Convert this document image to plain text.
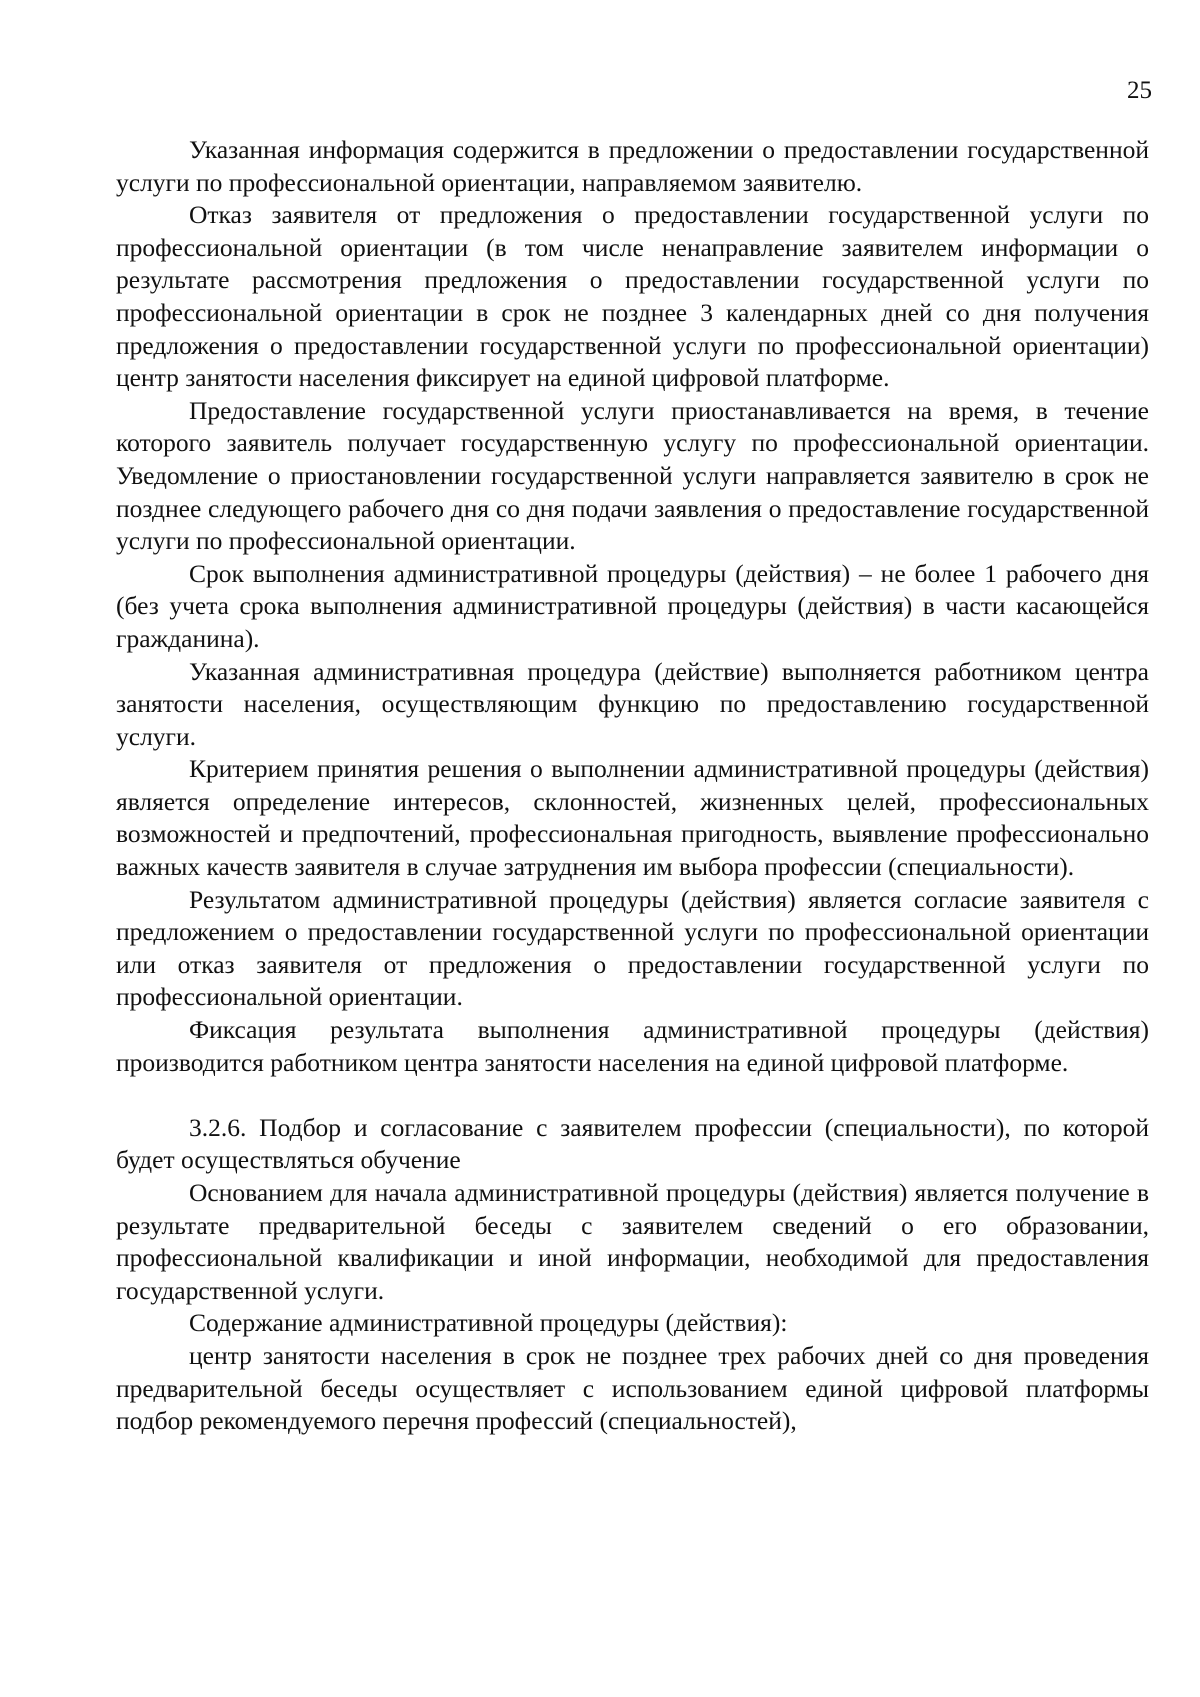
25

Указанная информация содержится в предложении о предоставлении государственной услуги по профессиональной ориентации, направляемом заявителю.

Отказ заявителя от предложения о предоставлении государственной услуги по профессиональной ориентации (в том числе ненаправление заявителем информации о результате рассмотрения предложения о предоставлении государственной услуги по профессиональной ориентации в срок не позднее 3 календарных дней со дня получения предложения о предоставлении государственной услуги по профессиональной ориентации) центр занятости населения фиксирует на единой цифровой платформе.

Предоставление государственной услуги приостанавливается на время, в течение которого заявитель получает государственную услугу по профессиональной ориентации. Уведомление о приостановлении государственной услуги направляется заявителю в срок не позднее следующего рабочего дня со дня подачи заявления о предоставление государственной услуги по профессиональной ориентации.

Срок выполнения административной процедуры (действия) – не более 1 рабочего дня (без учета срока выполнения административной процедуры (действия) в части касающейся гражданина).

Указанная административная процедура (действие) выполняется работником центра занятости населения, осуществляющим функцию по предоставлению государственной услуги.

Критерием принятия решения о выполнении административной процедуры (действия) является определение интересов, склонностей, жизненных целей, профессиональных возможностей и предпочтений, профессиональная пригодность, выявление профессионально важных качеств заявителя в случае затруднения им выбора профессии (специальности).

Результатом административной процедуры (действия) является согласие заявителя с предложением о предоставлении государственной услуги по профессиональной ориентации или отказ заявителя от предложения о предоставлении государственной услуги по профессиональной ориентации.

Фиксация результата выполнения административной процедуры (действия) производится работником центра занятости населения на единой цифровой платформе.

3.2.6. Подбор и согласование с заявителем профессии (специальности), по которой будет осуществляться обучение

Основанием для начала административной процедуры (действия) является получение в результате предварительной беседы с заявителем сведений о его образовании, профессиональной квалификации и иной информации, необходимой для предоставления государственной услуги.

Содержание административной процедуры (действия):

центр занятости населения в срок не позднее трех рабочих дней со дня проведения предварительной беседы осуществляет с использованием единой цифровой платформы подбор рекомендуемого перечня профессий (специальностей),
